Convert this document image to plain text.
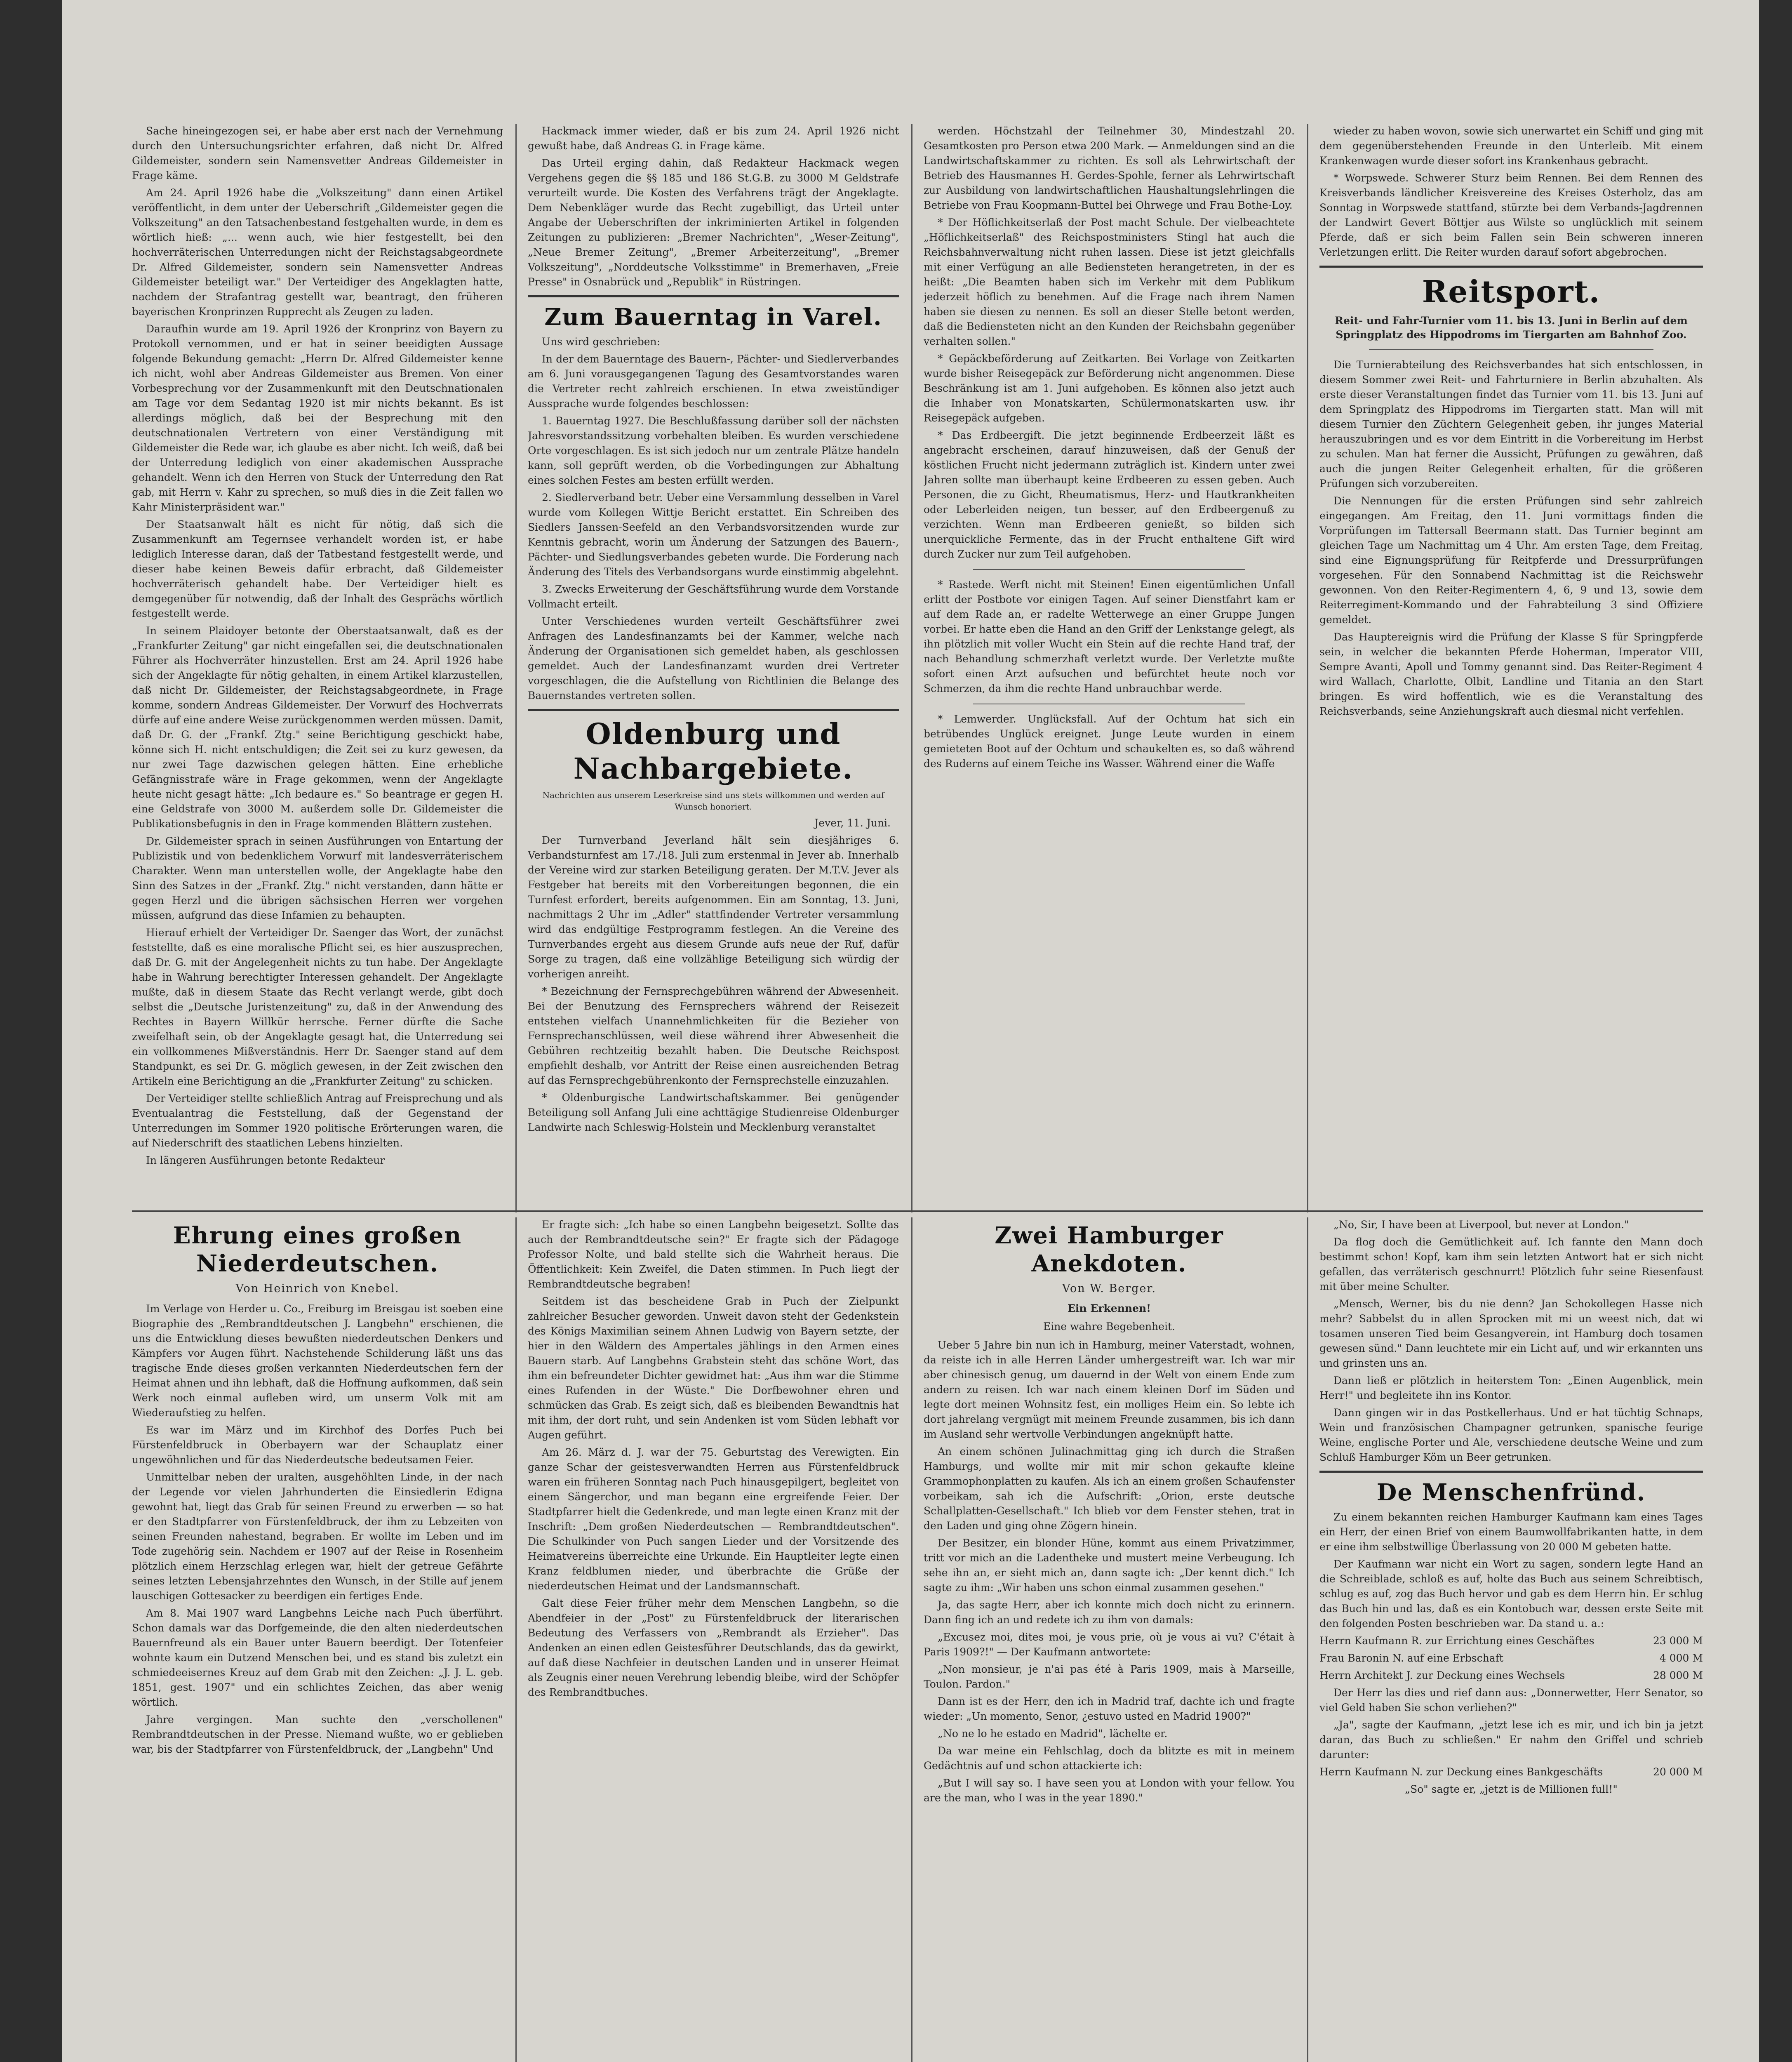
Sache hineingezogen sei, er habe aber erst nach der Vernehmung durch den Untersuchungsrichter erfahren, daß nicht Dr. Alfred Gildemeister, sondern sein Namensvetter Andreas Gildemeister in Frage käme.

Am 24. April 1926 habe die „Volkszeitung" dann einen Artikel veröffentlicht, in dem unter der Ueberschrift „Gildemeister gegen die Volkszeitung" an den Tatsachenbestand festgehalten wurde, in dem es wörtlich hieß: „... wenn auch, wie hier festgestellt, bei den hochverräterischen Unterredungen nicht der Reichstagsabgeordnete Dr. Alfred Gildemeister, sondern sein Namensvetter Andreas Gildemeister beteiligt war." Der Verteidiger des Angeklagten hatte, nachdem der Strafantrag gestellt war, beantragt, den früheren bayerischen Kronprinzen Rupprecht als Zeugen zu laden.

Daraufhin wurde am 19. April 1926 der Kronprinz von Bayern zu Protokoll vernommen, und er hat in seiner beeidigten Aussage folgende Bekundung gemacht: „Herrn Dr. Alfred Gildemeister kenne ich nicht, wohl aber Andreas Gildemeister aus Bremen. Von einer Vorbesprechung vor der Zusammenkunft mit den Deutschnationalen am Tage vor dem Sedantag 1920 ist mir nichts bekannt. Es ist allerdings möglich, daß bei der Besprechung mit den deutschnationalen Vertretern von einer Verständigung mit Gildemeister die Rede war, ich glaube es aber nicht. Ich weiß, daß bei der Unterredung lediglich von einer akademischen Aussprache gehandelt. Wenn ich den Herren von Stuck der Unterredung den Rat gab, mit Herrn v. Kahr zu sprechen, so muß dies in die Zeit fallen wo Kahr Ministerpräsident war."

Der Staatsanwalt hält es nicht für nötig, daß sich die Zusammenkunft am Tegernsee verhandelt worden ist, er habe lediglich Interesse daran, daß der Tatbestand festgestellt werde, und dieser habe keinen Beweis dafür erbracht, daß Gildemeister hochverräterisch gehandelt habe. Der Verteidiger hielt es demgegenüber für notwendig, daß der Inhalt des Gesprächs wörtlich festgestellt werde.

In seinem Plaidoyer betonte der Oberstaatsanwalt, daß es der „Frankfurter Zeitung" gar nicht eingefallen sei, die deutschnationalen Führer als Hochverräter hinzustellen. Erst am 24. April 1926 habe sich der Angeklagte für nötig gehalten, in einem Artikel klarzustellen, daß nicht Dr. Gildemeister, der Reichstagsabgeordnete, in Frage komme, sondern Andreas Gildemeister. Der Vorwurf des Hochverrats dürfe auf eine andere Weise zurückgenommen werden müssen. Damit, daß Dr. G. der „Frankf. Ztg." seine Berichtigung geschickt habe, könne sich H. nicht entschuldigen; die Zeit sei zu kurz gewesen, da nur zwei Tage dazwischen gelegen hätten. Eine erhebliche Gefängnisstrafe wäre in Frage gekommen, wenn der Angeklagte heute nicht gesagt hätte: „Ich bedaure es." So beantrage er gegen H. eine Geldstrafe von 3000 M. außerdem solle Dr. Gildemeister die Publikationsbefugnis in den in Frage kommenden Blättern zustehen.

Dr. Gildemeister sprach in seinen Ausführungen von Entartung der Publizistik und von bedenklichem Vorwurf mit landesverräterischem Charakter. Wenn man unterstellen wolle, der Angeklagte habe den Sinn des Satzes in der „Frankf. Ztg." nicht verstanden, dann hätte er gegen Herzl und die übrigen sächsischen Herren wer vorgehen müssen, aufgrund das diese Infamien zu behaupten.

Hierauf erhielt der Verteidiger Dr. Saenger das Wort, der zunächst feststellte, daß es eine moralische Pflicht sei, es hier auszusprechen, daß Dr. G. mit der Angelegenheit nichts zu tun habe. Der Angeklagte habe in Wahrung berechtigter Interessen gehandelt. Der Angeklagte mußte, daß in diesem Staate das Recht verlangt werde, gibt doch selbst die „Deutsche Juristenzeitung" zu, daß in der Anwendung des Rechtes in Bayern Willkür herrsche. Ferner dürfte die Sache zweifelhaft sein, ob der Angeklagte gesagt hat, die Unterredung sei ein vollkommenes Mißverständnis. Herr Dr. Saenger stand auf dem Standpunkt, es sei Dr. G. möglich gewesen, in der Zeit zwischen den Artikeln eine Berichtigung an die „Frankfurter Zeitung" zu schicken.

Der Verteidiger stellte schließlich Antrag auf Freisprechung und als Eventualantrag die Feststellung, daß der Gegenstand der Unterredungen im Sommer 1920 politische Erörterungen waren, die auf Niederschrift des staatlichen Lebens hinzielten.

In längeren Ausführungen betonte Redakteur

Hackmack immer wieder, daß er bis zum 24. April 1926 nicht gewußt habe, daß Andreas G. in Frage käme.

Das Urteil erging dahin, daß Redakteur Hackmack wegen Vergehens gegen die §§ 185 und 186 St.G.B. zu 3000 M Geldstrafe verurteilt wurde. Die Kosten des Verfahrens trägt der Angeklagte. Dem Nebenkläger wurde das Recht zugebilligt, das Urteil unter Angabe der Ueberschriften der inkriminierten Artikel in folgenden Zeitungen zu publizieren: „Bremer Nachrichten", „Weser-Zeitung", „Neue Bremer Zeitung", „Bremer Arbeiterzeitung", „Bremer Volkszeitung", „Norddeutsche Volksstimme" in Bremerhaven, „Freie Presse" in Osnabrück und „Republik" in Rüstringen.

Zum Bauerntag in Varel.

Uns wird geschrieben:

In der dem Bauerntage des Bauern-, Pächter- und Siedlerverbandes am 6. Juni vorausgegangenen Tagung des Gesamtvorstandes waren die Vertreter recht zahlreich erschienen. In etwa zweistündiger Aussprache wurde folgendes beschlossen:

1. Bauerntag 1927. Die Beschlußfassung darüber soll der nächsten Jahresvorstandssitzung vorbehalten bleiben. Es wurden verschiedene Orte vorgeschlagen. Es ist sich jedoch nur um zentrale Plätze handeln kann, soll geprüft werden, ob die Vorbedingungen zur Abhaltung eines solchen Festes am besten erfüllt werden.

2. Siedlerverband betr. Ueber eine Versammlung desselben in Varel wurde vom Kollegen Wittje Bericht erstattet. Ein Schreiben des Siedlers Janssen-Seefeld an den Verbandsvorsitzenden wurde zur Kenntnis gebracht, worin um Änderung der Satzungen des Bauern-, Pächter- und Siedlungsverbandes gebeten wurde. Die Forderung nach Änderung des Titels des Verbandsorgans wurde einstimmig abgelehnt.

3. Zwecks Erweiterung der Geschäftsführung wurde dem Vorstande Vollmacht erteilt.

Unter Verschiedenes wurden verteilt Geschäftsführer zwei Anfragen des Landesfinanzamts bei der Kammer, welche nach Änderung der Organisationen sich gemeldet haben, als geschlossen gemeldet. Auch der Landesfinanzamt wurden drei Vertreter vorgeschlagen, die die Aufstellung von Richtlinien die Belange des Bauernstandes vertreten sollen.

Oldenburg und Nachbargebiete.
Nachrichten aus unserem Leserkreise sind uns stets willkommen und werden auf Wunsch honoriert.

Jever, 11. Juni.

Der Turnverband Jeverland hält sein diesjähriges 6. Verbandsturnfest am 17./18. Juli zum erstenmal in Jever ab. Innerhalb der Vereine wird zur starken Beteiligung geraten. Der M.T.V. Jever als Festgeber hat bereits mit den Vorbereitungen begonnen, die ein Turnfest erfordert, bereits aufgenommen. Ein am Sonntag, 13. Juni, nachmittags 2 Uhr im „Adler" stattfindender Vertreter versammlung wird das endgültige Festprogramm festlegen. An die Vereine des Turnverbandes ergeht aus diesem Grunde aufs neue der Ruf, dafür Sorge zu tragen, daß eine vollzählige Beteiligung sich würdig der vorherigen anreiht.

* Bezeichnung der Fernsprechgebühren während der Abwesenheit. Bei der Benutzung des Fernsprechers während der Reisezeit entstehen vielfach Unannehmlichkeiten für die Bezieher von Fernsprechanschlüssen, weil diese während ihrer Abwesenheit die Gebühren rechtzeitig bezahlt haben. Die Deutsche Reichspost empfiehlt deshalb, vor Antritt der Reise einen ausreichenden Betrag auf das Fernsprechgebührenkonto der Fernsprechstelle einzuzahlen.

* Oldenburgische Landwirtschaftskammer. Bei genügender Beteiligung soll Anfang Juli eine achttägige Studienreise Oldenburger Landwirte nach Schleswig-Holstein und Mecklenburg veranstaltet

werden. Höchstzahl der Teilnehmer 30, Mindestzahl 20. Gesamtkosten pro Person etwa 200 Mark. — Anmeldungen sind an die Landwirtschaftskammer zu richten. Es soll als Lehrwirtschaft der Betrieb des Hausmannes H. Gerdes-Spohle, ferner als Lehrwirtschaft zur Ausbildung von landwirtschaftlichen Haushaltungslehrlingen die Betriebe von Frau Koopmann-Buttel bei Ohrwege und Frau Bothe-Loy.

* Der Höflichkeitserlaß der Post macht Schule. Der vielbeachtete „Höflichkeitserlaß" des Reichspostministers Stingl hat auch die Reichsbahnverwaltung nicht ruhen lassen. Diese ist jetzt gleichfalls mit einer Verfügung an alle Bediensteten herangetreten, in der es heißt: „Die Beamten haben sich im Verkehr mit dem Publikum jederzeit höflich zu benehmen. Auf die Frage nach ihrem Namen haben sie diesen zu nennen. Es soll an dieser Stelle betont werden, daß die Bediensteten nicht an den Kunden der Reichsbahn gegenüber verhalten sollen."

* Gepäckbeförderung auf Zeitkarten. Bei Vorlage von Zeitkarten wurde bisher Reisegepäck zur Beförderung nicht angenommen. Diese Beschränkung ist am 1. Juni aufgehoben. Es können also jetzt auch die Inhaber von Monatskarten, Schülermonatskarten usw. ihr Reisegepäck aufgeben.

* Das Erdbeergift. Die jetzt beginnende Erdbeerzeit läßt es angebracht erscheinen, darauf hinzuweisen, daß der Genuß der köstlichen Frucht nicht jedermann zuträglich ist. Kindern unter zwei Jahren sollte man überhaupt keine Erdbeeren zu essen geben. Auch Personen, die zu Gicht, Rheumatismus, Herz- und Hautkrankheiten oder Leberleiden neigen, tun besser, auf den Erdbeergenuß zu verzichten. Wenn man Erdbeeren genießt, so bilden sich unerquickliche Fermente, das in der Frucht enthaltene Gift wird durch Zucker nur zum Teil aufgehoben.

* Rastede. Werft nicht mit Steinen! Einen eigentümlichen Unfall erlitt der Postbote vor einigen Tagen. Auf seiner Dienstfahrt kam er auf dem Rade an, er radelte Wetterwege an einer Gruppe Jungen vorbei. Er hatte eben die Hand an den Griff der Lenkstange gelegt, als ihn plötzlich mit voller Wucht ein Stein auf die rechte Hand traf, der nach Behandlung schmerzhaft verletzt wurde. Der Verletzte mußte sofort einen Arzt aufsuchen und befürchtet heute noch vor Schmerzen, da ihm die rechte Hand unbrauchbar werde.

* Lemwerder. Unglücksfall. Auf der Ochtum hat sich ein betrübendes Unglück ereignet. Junge Leute wurden in einem gemieteten Boot auf der Ochtum und schaukelten es, so daß während des Ruderns auf einem Teiche ins Wasser. Während einer die Waffe

wieder zu haben wovon, sowie sich unerwartet ein Schiff und ging mit dem gegenüberstehenden Freunde in den Unterleib. Mit einem Krankenwagen wurde dieser sofort ins Krankenhaus gebracht.

* Worpswede. Schwerer Sturz beim Rennen. Bei dem Rennen des Kreisverbands ländlicher Kreisvereine des Kreises Osterholz, das am Sonntag in Worpswede stattfand, stürzte bei dem Verbands-Jagdrennen der Landwirt Gevert Böttjer aus Wilste so unglücklich mit seinem Pferde, daß er sich beim Fallen sein Bein schweren inneren Verletzungen erlitt. Die Reiter wurden darauf sofort abgebrochen.

Reitsport.
Reit- und Fahr-Turnier vom 11. bis 13. Juni in Berlin auf dem Springplatz des Hippodroms im Tiergarten am Bahnhof Zoo.

Die Turnierabteilung des Reichsverbandes hat sich entschlossen, in diesem Sommer zwei Reit- und Fahrturniere in Berlin abzuhalten. Als erste dieser Veranstaltungen findet das Turnier vom 11. bis 13. Juni auf dem Springplatz des Hippodroms im Tiergarten statt. Man will mit diesem Turnier den Züchtern Gelegenheit geben, ihr junges Material herauszubringen und es vor dem Eintritt in die Vorbereitung im Herbst zu schulen. Man hat ferner die Aussicht, Prüfungen zu gewähren, daß auch die jungen Reiter Gelegenheit erhalten, für die größeren Prüfungen sich vorzubereiten.

Die Nennungen für die ersten Prüfungen sind sehr zahlreich eingegangen. Am Freitag, den 11. Juni vormittags finden die Vorprüfungen im Tattersall Beermann statt. Das Turnier beginnt am gleichen Tage um Nachmittag um 4 Uhr. Am ersten Tage, dem Freitag, sind eine Eignungsprüfung für Reitpferde und Dressurprüfungen vorgesehen. Für den Sonnabend Nachmittag ist die Reichswehr gewonnen. Von den Reiter-Regimentern 4, 6, 9 und 13, sowie dem Reiterregiment-Kommando und der Fahrabteilung 3 sind Offiziere gemeldet.

Das Hauptereignis wird die Prüfung der Klasse S für Springpferde sein, in welcher die bekannten Pferde Hoherman, Imperator VIII, Sempre Avanti, Apoll und Tommy genannt sind. Das Reiter-Regiment 4 wird Wallach, Charlotte, Olbit, Landline und Titania an den Start bringen. Es wird hoffentlich, wie es die Veranstaltung des Reichsverbands, seine Anziehungskraft auch diesmal nicht verfehlen.

Ehrung eines großen Niederdeutschen.
Von Heinrich von Knebel.

Im Verlage von Herder u. Co., Freiburg im Breisgau ist soeben eine Biographie des „Rembrandtdeutschen J. Langbehn" erschienen, die uns die Entwicklung dieses bewußten niederdeutschen Denkers und Kämpfers vor Augen führt. Nachstehende Schilderung läßt uns das tragische Ende dieses großen verkannten Niederdeutschen fern der Heimat ahnen und ihn lebhaft, daß die Hoffnung aufkommen, daß sein Werk noch einmal aufleben wird, um unserm Volk mit am Wiederaufstieg zu helfen.

Es war im März und im Kirchhof des Dorfes Puch bei Fürstenfeldbruck in Oberbayern war der Schauplatz einer ungewöhnlichen und für das Niederdeutsche bedeutsamen Feier.

Unmittelbar neben der uralten, ausgehöhlten Linde, in der nach der Legende vor vielen Jahrhunderten die Einsiedlerin Edigna gewohnt hat, liegt das Grab für seinen Freund zu erwerben — so hat er den Stadtpfarrer von Fürstenfeldbruck, der ihm zu Lebzeiten von seinen Freunden nahestand, begraben. Er wollte im Leben und im Tode zugehörig sein. Nachdem er 1907 auf der Reise in Rosenheim plötzlich einem Herzschlag erlegen war, hielt der getreue Gefährte seines letzten Lebensjahrzehntes den Wunsch, in der Stille auf jenem lauschigen Gottesacker zu beerdigen ein fertiges Ende.

Am 8. Mai 1907 ward Langbehns Leiche nach Puch überführt. Schon damals war das Dorfgemeinde, die den alten niederdeutschen Bauernfreund als ein Bauer unter Bauern beerdigt. Der Totenfeier wohnte kaum ein Dutzend Menschen bei, und es stand bis zuletzt ein schmiedeeisernes Kreuz auf dem Grab mit den Zeichen: „J. J. L. geb. 1851, gest. 1907" und ein schlichtes Zeichen, das aber wenig wörtlich.

Jahre vergingen. Man suchte den „verschollenen" Rembrandtdeutschen in der Presse. Niemand wußte, wo er geblieben war, bis der Stadtpfarrer von Fürstenfeldbruck, der „Langbehn" Und

Er fragte sich: „Ich habe so einen Langbehn beigesetzt. Sollte das auch der Rembrandtdeutsche sein?" Er fragte sich der Pädagoge Professor Nolte, und bald stellte sich die Wahrheit heraus. Die Öffentlichkeit: Kein Zweifel, die Daten stimmen. In Puch liegt der Rembrandtdeutsche begraben!

Seitdem ist das bescheidene Grab in Puch der Zielpunkt zahlreicher Besucher geworden. Unweit davon steht der Gedenkstein des Königs Maximilian seinem Ahnen Ludwig von Bayern setzte, der hier in den Wäldern des Ampertales jählings in den Armen eines Bauern starb. Auf Langbehns Grabstein steht das schöne Wort, das ihm ein befreundeter Dichter gewidmet hat: „Aus ihm war die Stimme eines Rufenden in der Wüste." Die Dorfbewohner ehren und schmücken das Grab. Es zeigt sich, daß es bleibenden Bewandtnis hat mit ihm, der dort ruht, und sein Andenken ist vom Süden lebhaft vor Augen geführt.

Am 26. März d. J. war der 75. Geburtstag des Verewigten. Ein ganze Schar der geistesverwandten Herren aus Fürstenfeldbruck waren ein früheren Sonntag nach Puch hinausgepilgert, begleitet von einem Sängerchor, und man begann eine ergreifende Feier. Der Stadtpfarrer hielt die Gedenkrede, und man legte einen Kranz mit der Inschrift: „Dem großen Niederdeutschen — Rembrandtdeutschen". Die Schulkinder von Puch sangen Lieder und der Vorsitzende des Heimatvereins überreichte eine Urkunde. Ein Hauptleiter legte einen Kranz feldblumen nieder, und überbrachte die Grüße der niederdeutschen Heimat und der Landsmannschaft.

Galt diese Feier früher mehr dem Menschen Langbehn, so die Abendfeier in der „Post" zu Fürstenfeldbruck der literarischen Bedeutung des Verfassers von „Rembrandt als Erzieher". Das Andenken an einen edlen Geistesführer Deutschlands, das da gewirkt, auf daß diese Nachfeier in deutschen Landen und in unserer Heimat als Zeugnis einer neuen Verehrung lebendig bleibe, wird der Schöpfer des Rembrandtbuches.

Zwei Hamburger Anekdoten.
Von W. Berger.
Ein Erkennen!
Eine wahre Begebenheit.

Ueber 5 Jahre bin nun ich in Hamburg, meiner Vaterstadt, wohnen, da reiste ich in alle Herren Länder umhergestreift war. Ich war mir aber chinesisch genug, um dauernd in der Welt von einem Ende zum andern zu reisen. Ich war nach einem kleinen Dorf im Süden und legte dort meinen Wohnsitz fest, ein molliges Heim ein. So lebte ich dort jahrelang vergnügt mit meinem Freunde zusammen, bis ich dann im Ausland sehr wertvolle Verbindungen angeknüpft hatte.

An einem schönen Julinachmittag ging ich durch die Straßen Hamburgs, und wollte mir mit mir schon gekaufte kleine Grammophonplatten zu kaufen. Als ich an einem großen Schaufenster vorbeikam, sah ich die Aufschrift: „Orion, erste deutsche Schallplatten-Gesellschaft." Ich blieb vor dem Fenster stehen, trat in den Laden und ging ohne Zögern hinein.

Der Besitzer, ein blonder Hüne, kommt aus einem Privatzimmer, tritt vor mich an die Ladentheke und mustert meine Verbeugung. Ich sehe ihn an, er sieht mich an, dann sagte ich: „Der kennt dich." Ich sagte zu ihm: „Wir haben uns schon einmal zusammen gesehen."

Ja, das sagte Herr, aber ich konnte mich doch nicht zu erinnern. Dann fing ich an und redete ich zu ihm von damals:

„Excusez moi, dites moi, je vous prie, où je vous ai vu? C'était à Paris 1909?!" — Der Kaufmann antwortete:

„Non monsieur, je n'ai pas été à Paris 1909, mais à Marseille, Toulon. Pardon."

Dann ist es der Herr, den ich in Madrid traf, dachte ich und fragte wieder: „Un momento, Senor, ¿estuvo usted en Madrid 1900?"

„No ne lo he estado en Madrid", lächelte er.

Da war meine ein Fehlschlag, doch da blitzte es mit in meinem Gedächtnis auf und schon attackierte ich:

„But I will say so. I have seen you at London with your fellow. You are the man, who I was in the year 1890."

„No, Sir, I have been at Liverpool, but never at London."

Da flog doch die Gemütlichkeit auf. Ich fannte den Mann doch bestimmt schon! Kopf, kam ihm sein letzten Antwort hat er sich nicht gefallen, das verräterisch geschnurrt! Plötzlich fuhr seine Riesenfaust mit über meine Schulter.

„Mensch, Werner, bis du nie denn? Jan Schokollegen Hasse nich mehr? Sabbelst du in allen Sprocken mit mi un weest nich, dat wi tosamen unseren Tied beim Gesangverein, int Hamburg doch tosamen gewesen sünd." Dann leuchtete mir ein Licht auf, und wir erkannten uns und grinsten uns an.

Dann ließ er plötzlich in heiterstem Ton: „Einen Augenblick, mein Herr!" und begleitete ihn ins Kontor.

Dann gingen wir in das Postkellerhaus. Und er hat tüchtig Schnaps, Wein und französischen Champagner getrunken, spanische feurige Weine, englische Porter und Ale, verschiedene deutsche Weine und zum Schluß Hamburger Köm un Beer getrunken.

De Menschenfründ.

Zu einem bekannten reichen Hamburger Kaufmann kam eines Tages ein Herr, der einen Brief von einem Baumwollfabrikanten hatte, in dem er eine ihm selbstwillige Überlassung von 20 000 M gebeten hatte.

Der Kaufmann war nicht ein Wort zu sagen, sondern legte Hand an die Schreiblade, schloß es auf, holte das Buch aus seinem Schreibtisch, schlug es auf, zog das Buch hervor und gab es dem Herrn hin. Er schlug das Buch hin und las, daß es ein Kontobuch war, dessen erste Seite mit den folgenden Posten beschrieben war. Da stand u. a.:

Herrn Kaufmann R. zur Errichtung eines Geschäftes	23 000 M

Frau Baronin N. auf eine Erbschaft	4 000 M

Herrn Architekt J. zur Deckung eines Wechsels	28 000 M

Der Herr las dies und rief dann aus: „Donnerwetter, Herr Senator, so viel Geld haben Sie schon verliehen?"

„Ja", sagte der Kaufmann, „jetzt lese ich es mir, und ich bin ja jetzt daran, das Buch zu schließen." Er nahm den Griffel und schrieb darunter:

Herrn Kaufmann N. zur Deckung eines Bankgeschäfts	20 000 M

„So" sagte er, „jetzt is de Millionen full!"
